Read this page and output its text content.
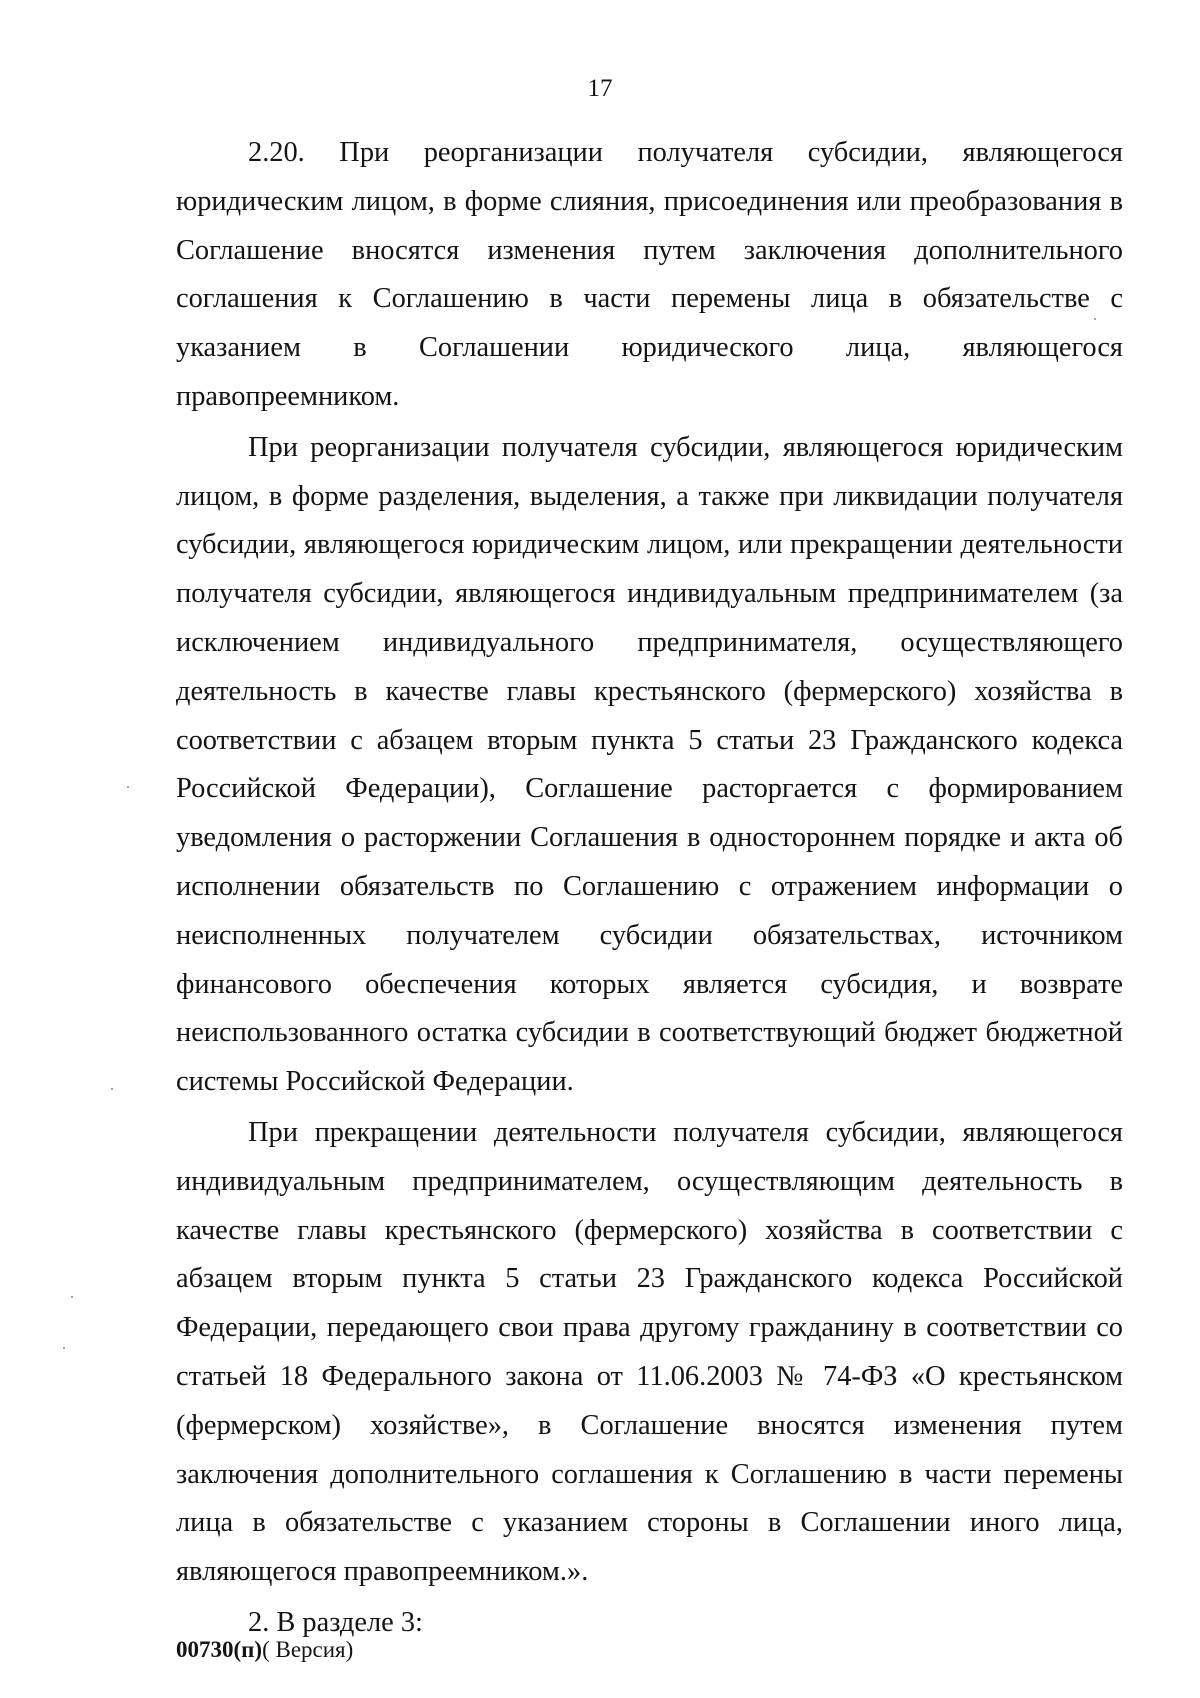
17

2.20. При реорганизации получателя субсидии, являющегося юридическим лицом, в форме слияния, присоединения или преобразования в Соглашение вносятся изменения путем заключения дополнительного соглашения к Соглашению в части перемены лица в обязательстве с указанием в Соглашении юридического лица, являющегося правопреемником.

При реорганизации получателя субсидии, являющегося юридическим лицом, в форме разделения, выделения, а также при ликвидации получателя субсидии, являющегося юридическим лицом, или прекращении деятельности получателя субсидии, являющегося индивидуальным предпринимателем (за исключением индивидуального предпринимателя, осуществляющего деятельность в качестве главы крестьянского (фермерского) хозяйства в соответствии с абзацем вторым пункта 5 статьи 23 Гражданского кодекса Российской Федерации), Соглашение расторгается с формированием уведомления о расторжении Соглашения в одностороннем порядке и акта об исполнении обязательств по Соглашению с отражением информации о неисполненных получателем субсидии обязательствах, источником финансового обеспечения которых является субсидия, и возврате неиспользованного остатка субсидии в соответствующий бюджет бюджетной системы Российской Федерации.

При прекращении деятельности получателя субсидии, являющегося индивидуальным предпринимателем, осуществляющим деятельность в качестве главы крестьянского (фермерского) хозяйства в соответствии с абзацем вторым пункта 5 статьи 23 Гражданского кодекса Российской Федерации, передающего свои права другому гражданину в соответствии со статьей 18 Федерального закона от 11.06.2003 № 74-ФЗ «О крестьянском (фермерском) хозяйстве», в Соглашение вносятся изменения путем заключения дополнительного соглашения к Соглашению в части перемены лица в обязательстве с указанием стороны в Соглашении иного лица, являющегося правопреемником.».

2. В разделе 3:

00730(п)( Версия)
